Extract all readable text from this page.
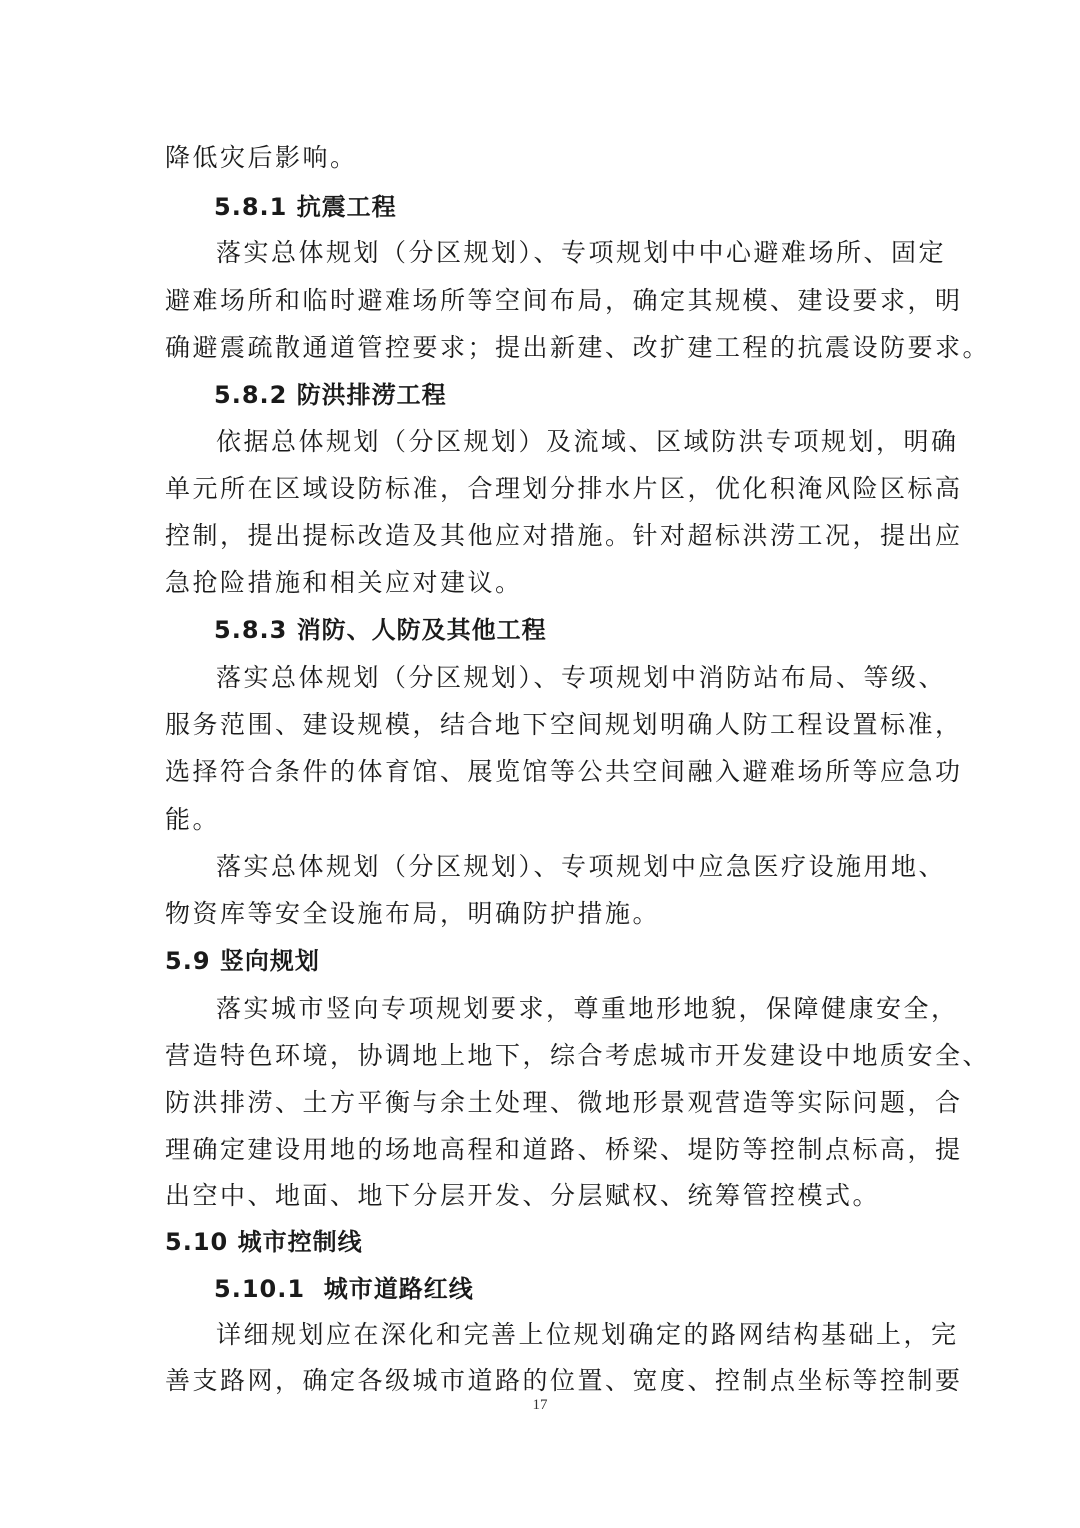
降低灾后影响。
5.8.1 抗震工程
落实总体规划（分区规划）、专项规划中中心避难场所、固定
避难场所和临时避难场所等空间布局，确定其规模、建设要求，明
确避震疏散通道管控要求；提出新建、改扩建工程的抗震设防要求。
5.8.2 防洪排涝工程
依据总体规划（分区规划）及流域、区域防洪专项规划，明确
单元所在区域设防标准，合理划分排水片区，优化积淹风险区标高
控制，提出提标改造及其他应对措施。针对超标洪涝工况，提出应
急抢险措施和相关应对建议。
5.8.3 消防、人防及其他工程
落实总体规划（分区规划）、专项规划中消防站布局、等级、
服务范围、建设规模，结合地下空间规划明确人防工程设置标准，
选择符合条件的体育馆、展览馆等公共空间融入避难场所等应急功
能。
落实总体规划（分区规划）、专项规划中应急医疗设施用地、
物资库等安全设施布局，明确防护措施。
5.9 竖向规划
落实城市竖向专项规划要求，尊重地形地貌，保障健康安全，
营造特色环境，协调地上地下，综合考虑城市开发建设中地质安全、
防洪排涝、土方平衡与余土处理、微地形景观营造等实际问题，合
理确定建设用地的场地高程和道路、桥梁、堤防等控制点标高，提
出空中、地面、地下分层开发、分层赋权、统筹管控模式。
5.10 城市控制线
5.10.1  城市道路红线
详细规划应在深化和完善上位规划确定的路网结构基础上，完
善支路网，确定各级城市道路的位置、宽度、控制点坐标等控制要
17
